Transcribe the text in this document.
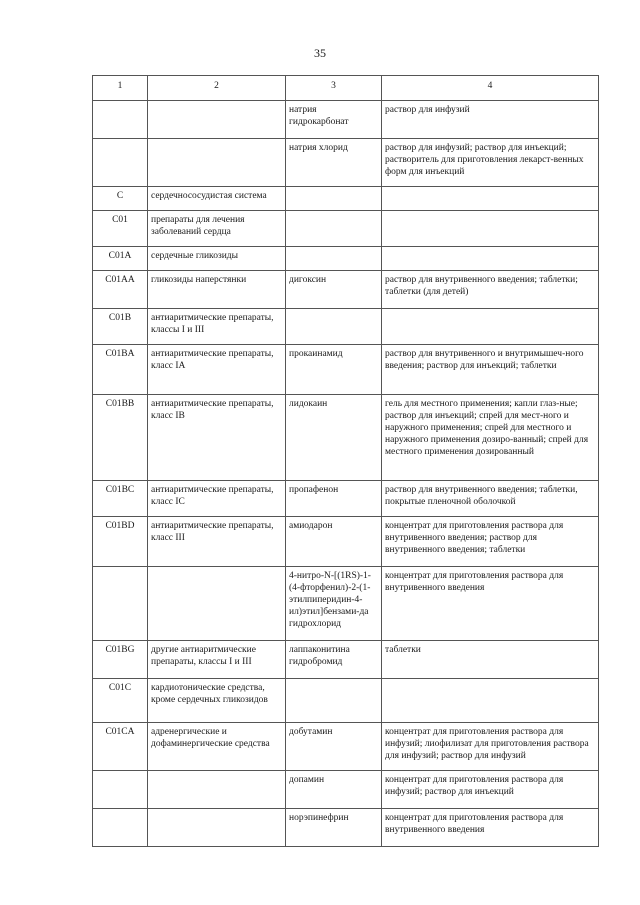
35
1	2	3	4
		натрия гидрокарбонат	раствор для инфузий
		натрия хлорид	раствор для инфузий; раствор для инъекций; растворитель для приготовления лекарст-венных форм для инъекций
C	сердечнососудистая система		
C01	препараты для лечения заболеваний сердца		
C01A	сердечные гликозиды		
C01AA	гликозиды наперстянки	дигоксин	раствор для внутривенного введения; таблетки; таблетки (для детей)
C01B	антиаритмические препараты, классы I и III		
C01BA	антиаритмические препараты, класс IA	прокаинамид	раствор для внутривенного и внутримышеч-ного введения; раствор для инъекций; таблетки
C01BB	антиаритмические препараты, класс IB	лидокаин	гель для местного применения; капли глаз-ные; раствор для инъекций; спрей для мест-ного и наружного применения; спрей для местного и наружного применения дозиро-ванный; спрей для местного применения дозированный
C01BC	антиаритмические препараты, класс IC	пропафенон	раствор для внутривенного введения; таблетки, покрытые пленочной оболочкой
C01BD	антиаритмические препараты, класс III	амиодарон	концентрат для приготовления раствора для внутривенного введения; раствор для внутривенного введения; таблетки
		4-нитро-N-[(1RS)-1-(4-фторфенил)-2-(1-этилпиперидин-4-ил)этил]бензами-да гидрохлорид	концентрат для приготовления раствора для внутривенного введения
C01BG	другие антиаритмические препараты, классы I и III	лаппаконитина гидробромид	таблетки
C01C	кардиотонические средства, кроме сердечных гликозидов		
C01CA	адренергические и дофаминергические средства	добутамин	концентрат для приготовления раствора для инфузий; лиофилизат для приготовления раствора для инфузий; раствор для инфузий
		допамин	концентрат для приготовления раствора для инфузий; раствор для инъекций
		норэпинефрин	концентрат для приготовления раствора для внутривенного введения
